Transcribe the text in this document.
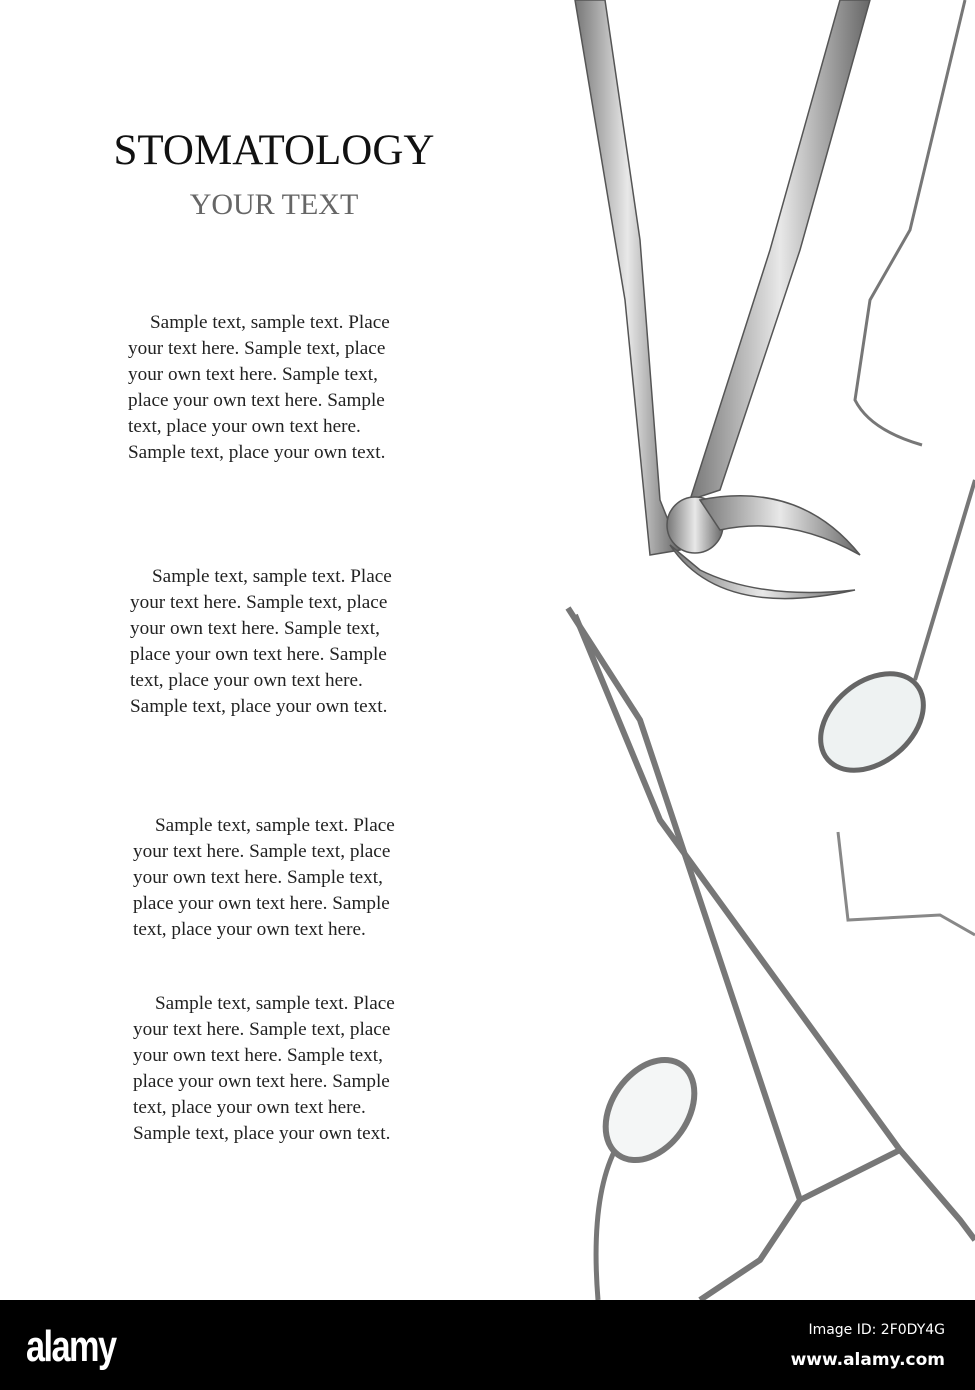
STOMATOLOGY
YOUR TEXT
Sample text, sample text. Place
your text here. Sample text, place
your own text here. Sample text,
place your own text here. Sample
text, place your own text here.
Sample text, place your own text.
Sample text, sample text. Place
your text here. Sample text, place
your own text here. Sample text,
place your own text here. Sample
text, place your own text here.
Sample text, place your own text.
Sample text, sample text. Place
your text here. Sample text, place
your own text here. Sample text,
place your own text here. Sample
text, place your own text here.
Sample text, sample text. Place
your text here. Sample text, place
your own text here. Sample text,
place your own text here. Sample
text, place your own text here.
Sample text, place your own text.
alamy	Image ID: 2F0DY4G
www.alamy.com
